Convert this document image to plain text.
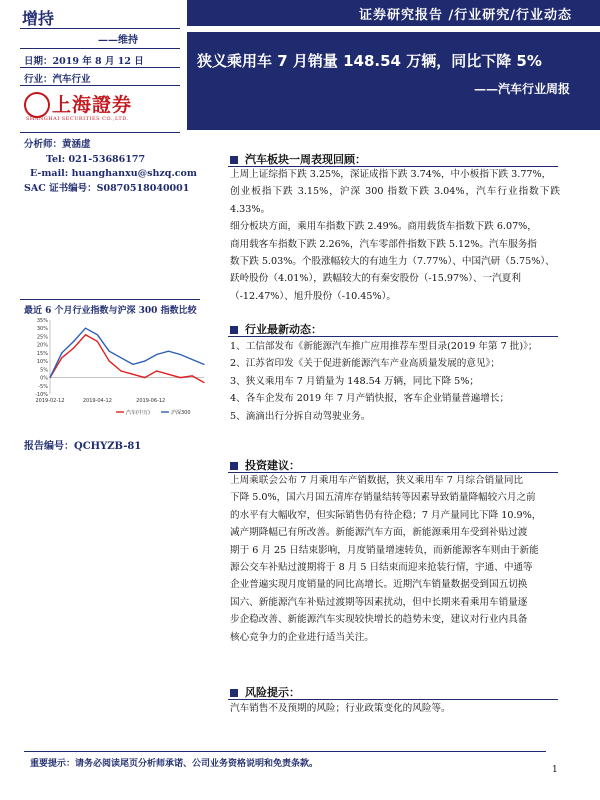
增持
——维持
证券研究报告 /行业研究/行业动态
狭义乘用车 7 月销量 148.54 万辆，同比下降 5%
——汽车行业周报
日期：2019 年 8 月 12 日
行业：汽车行业
上海證券
SHANGHAI SECURITIES CO.,LTD.
分析师：黄涵虚
Tel: 021-53686177
E-mail: huanghanxu@shzq.com
SAC 证书编号：S0870518040001
最近 6 个月行业指数与沪深 300 指数比较
35%
30%
25%
20%
15%
10%
5%
0%
-5%
-10%
2019-02-12	2019-04-12	2019-06-12
汽车(中万)	沪深300
报告编号：QCHYZB-81
汽车板块一周表现回顾：
上周上证综指下跌 3.25%，深证成指下跌 3.74%，中小板指下跌 3.77%，
创业板指下跌 3.15%，沪深 300 指数下跌 3.04%，汽车行业指数下跌 4.33%。
细分板块方面，乘用车指数下跌 2.49%。商用载货车指数下跌 6.07%，
商用载客车指数下跌 2.26%，汽车零部件指数下跌 5.12%。汽车服务指
数下跌 5.03%。个股涨幅较大的有迪生力（7.77%）、中国汽研（5.75%）、
跃岭股份（4.01%），跌幅较大的有秦安股份（-15.97%）、一汽夏利
（-12.47%）、旭升股份（-10.45%）。
行业最新动态：
1、工信部发布《新能源汽车推广应用推荐车型目录(2019 年第 7 批)》；
2、江苏省印发《关于促进新能源汽车产业高质量发展的意见》；
3、狭义乘用车 7 月销量为 148.54 万辆，同比下降 5%；
4、各车企发布 2019 年 7 月产销快报，客车企业销量普遍增长；
5、滴滴出行分拆自动驾驶业务。
投资建议：
上周乘联会公布 7 月乘用车产销数据，狭义乘用车 7 月综合销量同比
下降 5.0%，国六月国五清库存销量结转等因素导致销量降幅较六月之前
的水平有大幅收窄，但实际销售仍有待企稳；7 月产量同比下降 10.9%，
减产期降幅已有所改善。新能源汽车方面，新能源乘用车受到补贴过渡
期于 6 月 25 日结束影响，月度销量增速转负，而新能源客车则由于新能
源公交车补贴过渡期将于 8 月 5 日结束而迎来抢装行情，宇通、中通等
企业普遍实现月度销量的同比高增长。近期汽车销量数据受到国五切换
国六、新能源汽车补贴过渡期等因素扰动，但中长期来看乘用车销量逐
步企稳改善、新能源汽车实现较快增长的趋势未变，建议对行业内具备
核心竞争力的企业进行适当关注。
风险提示：
汽车销售不及预期的风险；行业政策变化的风险等。
重要提示：请务必阅读尾页分析师承诺、公司业务资格说明和免责条款。
1
